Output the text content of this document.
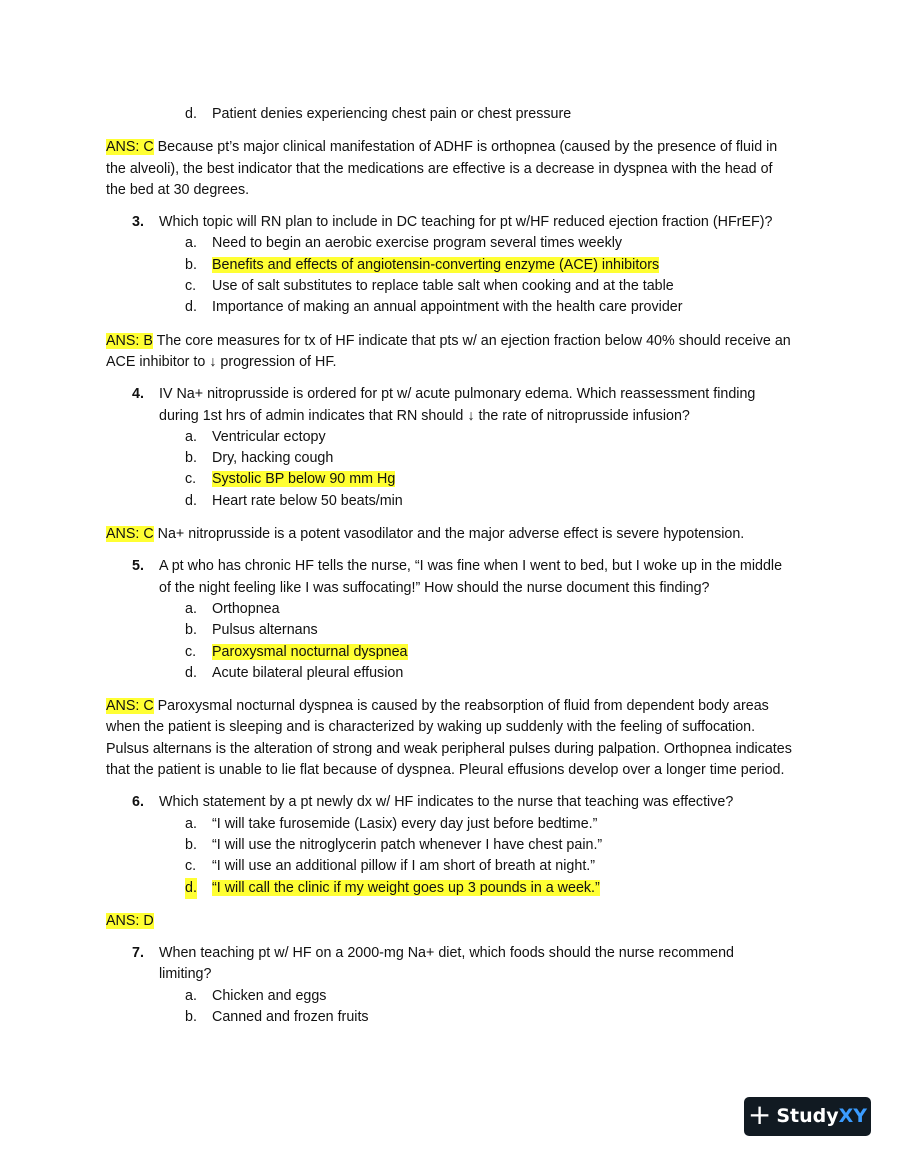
d. Patient denies experiencing chest pain or chest pressure

ANS: C Because pt’s major clinical manifestation of ADHF is orthopnea (caused by the presence of fluid in the alveoli), the best indicator that the medications are effective is a decrease in dyspnea with the head of the bed at 30 degrees.

3. Which topic will RN plan to include in DC teaching for pt w/HF reduced ejection fraction (HFrEF)?
a. Need to begin an aerobic exercise program several times weekly
b. Benefits and effects of angiotensin-converting enzyme (ACE) inhibitors
c. Use of salt substitutes to replace table salt when cooking and at the table
d. Importance of making an annual appointment with the health care provider

ANS: B The core measures for tx of HF indicate that pts w/ an ejection fraction below 40% should receive an ACE inhibitor to ↓ progression of HF.

4. IV Na+ nitroprusside is ordered for pt w/ acute pulmonary edema. Which reassessment finding during 1st hrs of admin indicates that RN should ↓ the rate of nitroprusside infusion?
a. Ventricular ectopy
b. Dry, hacking cough
c. Systolic BP below 90 mm Hg
d. Heart rate below 50 beats/min

ANS: C Na+ nitroprusside is a potent vasodilator and the major adverse effect is severe hypotension.

5. A pt who has chronic HF tells the nurse, “I was fine when I went to bed, but I woke up in the middle of the night feeling like I was suffocating!” How should the nurse document this finding?
a. Orthopnea
b. Pulsus alternans
c. Paroxysmal nocturnal dyspnea
d. Acute bilateral pleural effusion

ANS: C Paroxysmal nocturnal dyspnea is caused by the reabsorption of fluid from dependent body areas when the patient is sleeping and is characterized by waking up suddenly with the feeling of suffocation. Pulsus alternans is the alteration of strong and weak peripheral pulses during palpation. Orthopnea indicates that the patient is unable to lie flat because of dyspnea. Pleural effusions develop over a longer time period.

6. Which statement by a pt newly dx w/ HF indicates to the nurse that teaching was effective?
a. “I will take furosemide (Lasix) every day just before bedtime.”
b. “I will use the nitroglycerin patch whenever I have chest pain.”
c. “I will use an additional pillow if I am short of breath at night.”
d. “I will call the clinic if my weight goes up 3 pounds in a week.”

ANS: D

7. When teaching pt w/ HF on a 2000-mg Na+ diet, which foods should the nurse recommend limiting?
a. Chicken and eggs
b. Canned and frozen fruits
+ Study XY
